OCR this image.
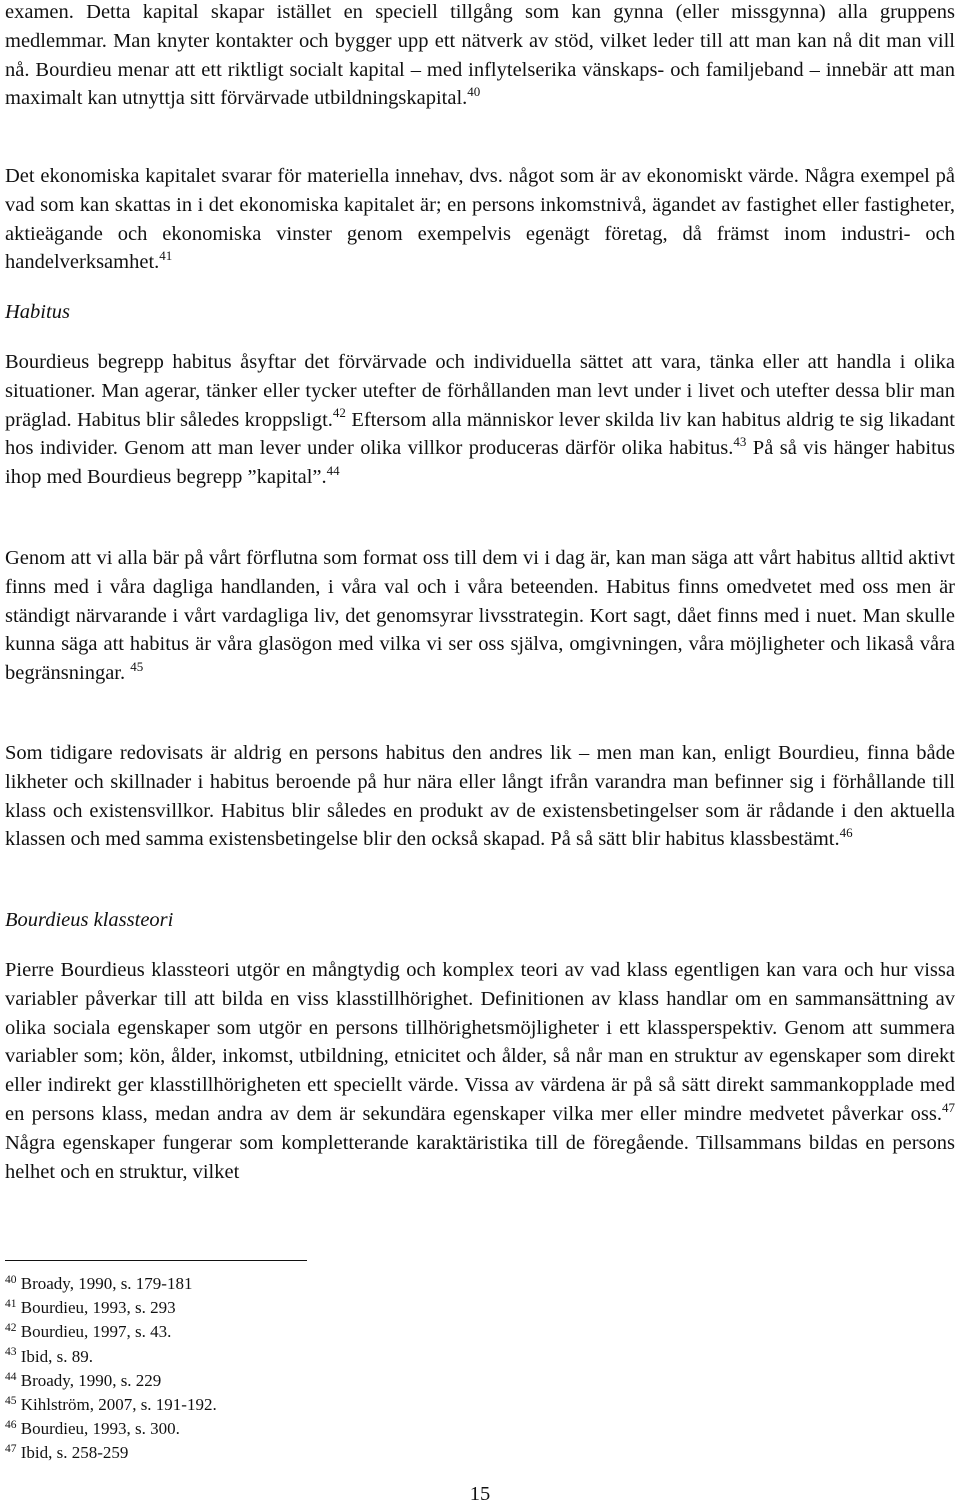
examen. Detta kapital skapar istället en speciell tillgång som kan gynna (eller missgynna) alla gruppens medlemmar. Man knyter kontakter och bygger upp ett nätverk av stöd, vilket leder till att man kan nå dit man vill nå. Bourdieu menar att ett riktligt socialt kapital – med inflytelserika vänskaps- och familjeband – innebär att man maximalt kan utnyttja sitt förvärvade utbildningskapital.$^{40}$

Det ekonomiska kapitalet svarar för materiella innehav, dvs. något som är av ekonomiskt värde. Några exempel på vad som kan skattas in i det ekonomiska kapitalet är; en persons inkomstnivå, ägandet av fastighet eller fastigheter, aktieägande och ekonomiska vinster genom exempelvis egenägt företag, då främst inom industri- och handelverksamhet.$^{41}$

Habitus

Bourdieus begrepp habitus åsyftar det förvärvade och individuella sättet att vara, tänka eller att handla i olika situationer. Man agerar, tänker eller tycker utefter de förhållanden man levt under i livet och utefter dessa blir man präglad. Habitus blir således kroppsligt.$^{42}$ Eftersom alla människor lever skilda liv kan habitus aldrig te sig likadant hos individer. Genom att man lever under olika villkor produceras därför olika habitus.$^{43}$ På så vis hänger habitus ihop med Bourdieus begrepp ”kapital”.$^{44}$

Genom att vi alla bär på vårt förflutna som format oss till dem vi i dag är, kan man säga att vårt habitus alltid aktivt finns med i våra dagliga handlanden, i våra val och i våra beteenden. Habitus finns omedvetet med oss men är ständigt närvarande i vårt vardagliga liv, det genomsyrar livsstrategin. Kort sagt, dået finns med i nuet. Man skulle kunna säga att habitus är våra glasögon med vilka vi ser oss själva, omgivningen, våra möjligheter och likaså våra begränsningar. $^{45}$

Som tidigare redovisats är aldrig en persons habitus den andres lik – men man kan, enligt Bourdieu, finna både likheter och skillnader i habitus beroende på hur nära eller långt ifrån varandra man befinner sig i förhållande till klass och existensvillkor. Habitus blir således en produkt av de existensbetingelser som är rådande i den aktuella klassen och med samma existensbetingelse blir den också skapad. På så sätt blir habitus klassbestämt.$^{46}$

Bourdieus klassteori

Pierre Bourdieus klassteori utgör en mångtydig och komplex teori av vad klass egentligen kan vara och hur vissa variabler påverkar till att bilda en viss klasstillhörighet. Definitionen av klass handlar om en sammansättning av olika sociala egenskaper som utgör en persons tillhörighetsmöjligheter i ett klassperspektiv. Genom att summera variabler som; kön, ålder, inkomst, utbildning, etnicitet och ålder, så når man en struktur av egenskaper som direkt eller indirekt ger klasstillhörigheten ett speciellt värde. Vissa av värdena är på så sätt direkt sammankopplade med en persons klass, medan andra av dem är sekundära egenskaper vilka mer eller mindre medvetet påverkar oss.$^{47}$ Några egenskaper fungerar som kompletterande karaktäristika till de föregående. Tillsammans bildas en persons helhet och en struktur, vilket

$^{40}$ Broady, 1990, s. 179-181
$^{41}$ Bourdieu, 1993, s. 293
$^{42}$ Bourdieu, 1997, s. 43.
$^{43}$ Ibid, s. 89.
$^{44}$ Broady, 1990, s. 229
$^{45}$ Kihlström, 2007, s. 191-192.
$^{46}$ Bourdieu, 1993, s. 300.
$^{47}$ Ibid, s. 258-259
15
